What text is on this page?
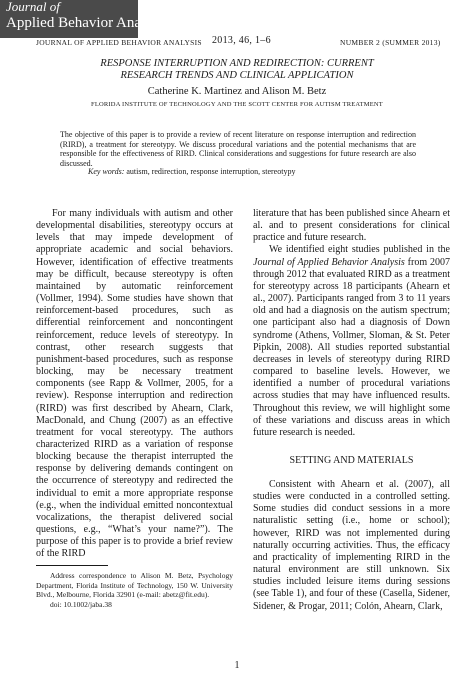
Journal of
Applied Behavior Analysis
JOURNAL OF APPLIED BEHAVIOR ANALYSIS 2013, 46, 1–6	NUMBER 2 (SUMMER 2013)
RESPONSE INTERRUPTION AND REDIRECTION: CURRENT
RESEARCH TRENDS AND CLINICAL APPLICATION
Catherine K. Martinez and Alison M. Betz
FLORIDA INSTITUTE OF TECHNOLOGY AND THE SCOTT CENTER FOR AUTISM TREATMENT
The objective of this paper is to provide a review of recent literature on response interruption and redirection (RIRD), a treatment for stereotypy. We discuss procedural variations and the potential mechanisms that are responsible for the effectiveness of RIRD. Clinical considerations and suggestions for future research are also discussed.
Key words: autism, redirection, response interruption, stereotypy

For many individuals with autism and other developmental disabilities, stereotypy occurs at levels that may impede development of appropriate academic and social behaviors. However, identification of effective treatments may be difficult, because stereotypy is often maintained by automatic reinforcement (Vollmer, 1994). Some studies have shown that reinforcement-based procedures, such as differential reinforcement and noncontingent reinforcement, reduce levels of stereotypy. In contrast, other research suggests that punishment-based procedures, such as response blocking, may be necessary treatment components (see Rapp & Vollmer, 2005, for a review). Response interruption and redirection (RIRD) was first described by Ahearn, Clark, MacDonald, and Chung (2007) as an effective treatment for vocal stereotypy. The authors characterized RIRD as a variation of response blocking because the therapist interrupted the response by delivering demands contingent on the occurrence of stereotypy and redirected the individual to emit a more appropriate response (e.g., when the individual emitted noncontextual vocalizations, the therapist delivered social questions, e.g., “What’s your name?”). The purpose of this paper is to provide a brief review of the RIRD

literature that has been published since Ahearn et al. and to present considerations for clinical practice and future research.

We identified eight studies published in the Journal of Applied Behavior Analysis from 2007 through 2012 that evaluated RIRD as a treatment for stereotypy across 18 participants (Ahearn et al., 2007). Participants ranged from 3 to 11 years old and had a diagnosis on the autism spectrum; one participant also had a diagnosis of Down syndrome (Athens, Vollmer, Sloman, & St. Peter Pipkin, 2008). All studies reported substantial decreases in levels of stereotypy during RIRD compared to baseline levels. However, we identified a number of procedural variations across studies that may have influenced results. Throughout this review, we will highlight some of these variations and discuss areas in which future research is needed.

SETTING AND MATERIALS

Consistent with Ahearn et al. (2007), all studies were conducted in a controlled setting. Some studies did conduct sessions in a more naturalistic setting (i.e., home or school); however, RIRD was not implemented during naturally occurring activities. Thus, the efficacy and practicality of implementing RIRD in the natural environment are still unknown. Six studies included leisure items during sessions (see Table 1), and four of these (Casella, Sidener, Sidener, & Progar, 2011; Colón, Ahearn, Clark,

Address correspondence to Alison M. Betz, Psychology Department, Florida Institute of Technology, 150 W. University Blvd., Melbourne, Florida 32901 (e-mail: abetz@fit.edu).

doi: 10.1002/jaba.38

1
